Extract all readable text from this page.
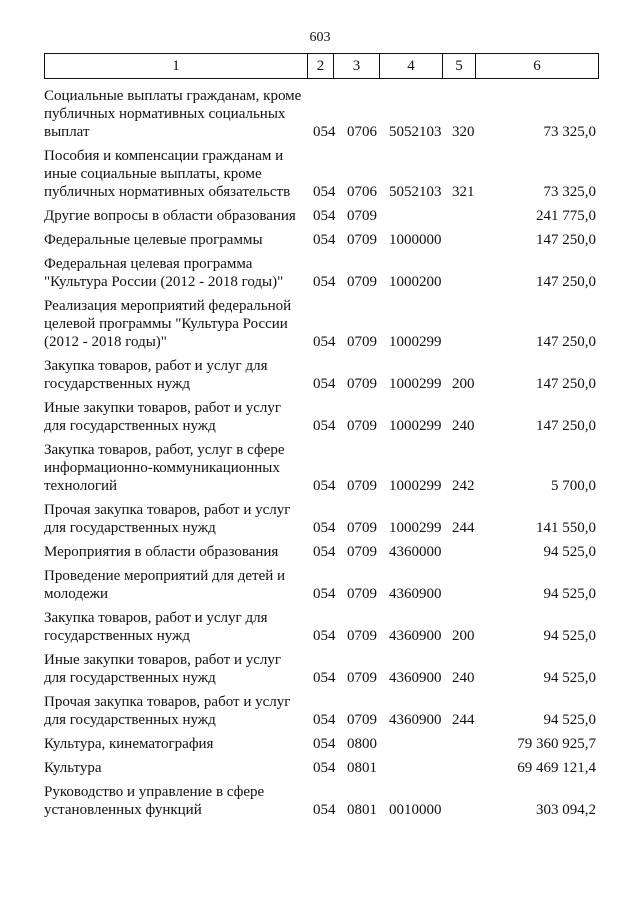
603
1	2	3	4	5	6
Социальные выплаты гражданам, кроме
публичных нормативных социальных
выплат	054 0706 5052103 320	73 325,0
Пособия и компенсации гражданам и
иные социальные выплаты, кроме
публичных нормативных обязательств	054 0706 5052103 321	73 325,0
Другие вопросы в области образования	054 0709	241 775,0
Федеральные целевые программы	054 0709 1000000	147 250,0
Федеральная целевая программа
"Культура России (2012 - 2018 годы)"	054 0709 1000200	147 250,0
Реализация мероприятий федеральной
целевой программы "Культура России
(2012 - 2018 годы)"	054 0709 1000299	147 250,0
Закупка товаров, работ и услуг для
государственных нужд	054 0709 1000299 200	147 250,0
Иные закупки товаров, работ и услуг
для государственных нужд	054 0709 1000299 240	147 250,0
Закупка товаров, работ, услуг в сфере
информационно-коммуникационных
технологий	054 0709 1000299 242	5 700,0
Прочая закупка товаров, работ и услуг
для государственных нужд	054 0709 1000299 244	141 550,0
Мероприятия в области образования	054 0709 4360000	94 525,0
Проведение мероприятий для детей и
молодежи	054 0709 4360900	94 525,0
Закупка товаров, работ и услуг для
государственных нужд	054 0709 4360900 200	94 525,0
Иные закупки товаров, работ и услуг
для государственных нужд	054 0709 4360900 240	94 525,0
Прочая закупка товаров, работ и услуг
для государственных нужд	054 0709 4360900 244	94 525,0
Культура, кинематография	054 0800	79 360 925,7
Культура	054 0801	69 469 121,4
Руководство и управление в сфере
установленных функций	054 0801 0010000	303 094,2
